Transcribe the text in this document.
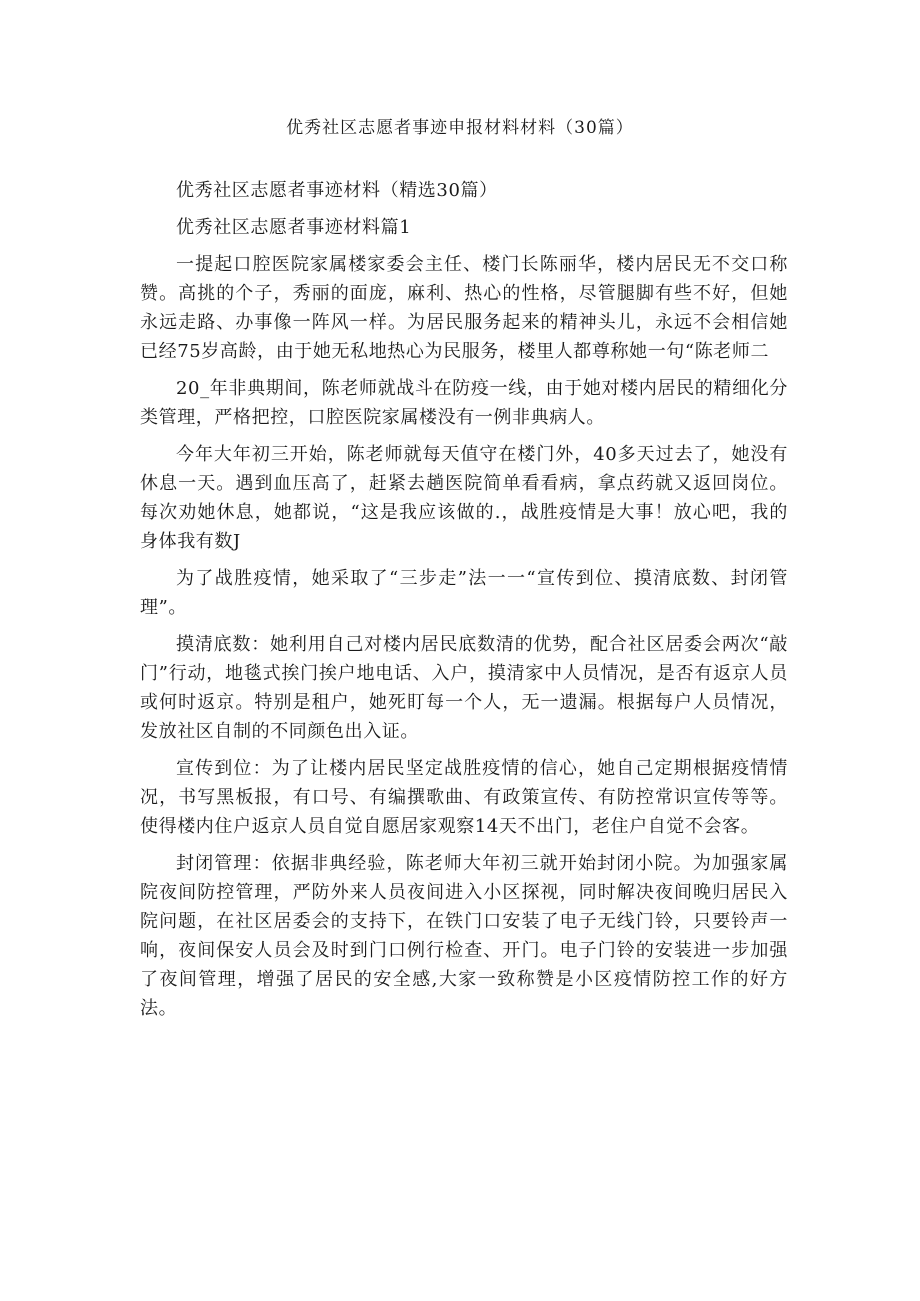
优秀社区志愿者事迹申报材料材料（30篇）

优秀社区志愿者事迹材料（精选30篇）

优秀社区志愿者事迹材料篇1

一提起口腔医院家属楼家委会主任、楼门长陈丽华，楼内居民无不交口称赞。高挑的个子，秀丽的面庞，麻利、热心的性格，尽管腿脚有些不好，但她永远走路、办事像一阵风一样。为居民服务起来的精神头儿，永远不会相信她已经75岁高龄，由于她无私地热心为民服务，楼里人都尊称她一句“陈老师二

20_年非典期间，陈老师就战斗在防疫一线，由于她对楼内居民的精细化分类管理，严格把控，口腔医院家属楼没有一例非典病人。

今年大年初三开始，陈老师就每天值守在楼门外，40多天过去了，她没有休息一天。遇到血压高了，赶紧去趟医院简单看看病，拿点药就又返回岗位。每次劝她休息，她都说，“这是我应该做的.，战胜疫情是大事！放心吧，我的身体我有数J

为了战胜疫情，她采取了“三步走”法一一“宣传到位、摸清底数、封闭管理”。

摸清底数：她利用自己对楼内居民底数清的优势，配合社区居委会两次“敲门”行动，地毯式挨门挨户地电话、入户，摸清家中人员情况，是否有返京人员或何时返京。特别是租户，她死盯每一个人，无一遗漏。根据每户人员情况，发放社区自制的不同颜色出入证。

宣传到位：为了让楼内居民坚定战胜疫情的信心，她自己定期根据疫情情况，书写黑板报，有口号、有编撰歌曲、有政策宣传、有防控常识宣传等等。使得楼内住户返京人员自觉自愿居家观察14天不出门，老住户自觉不会客。

封闭管理：依据非典经验，陈老师大年初三就开始封闭小院。为加强家属院夜间防控管理，严防外来人员夜间进入小区探视，同时解决夜间晚归居民入院问题，在社区居委会的支持下，在铁门口安装了电子无线门铃，只要铃声一响，夜间保安人员会及时到门口例行检查、开门。电子门铃的安装进一步加强了夜间管理，增强了居民的安全感,大家一致称赞是小区疫情防控工作的好方法。
